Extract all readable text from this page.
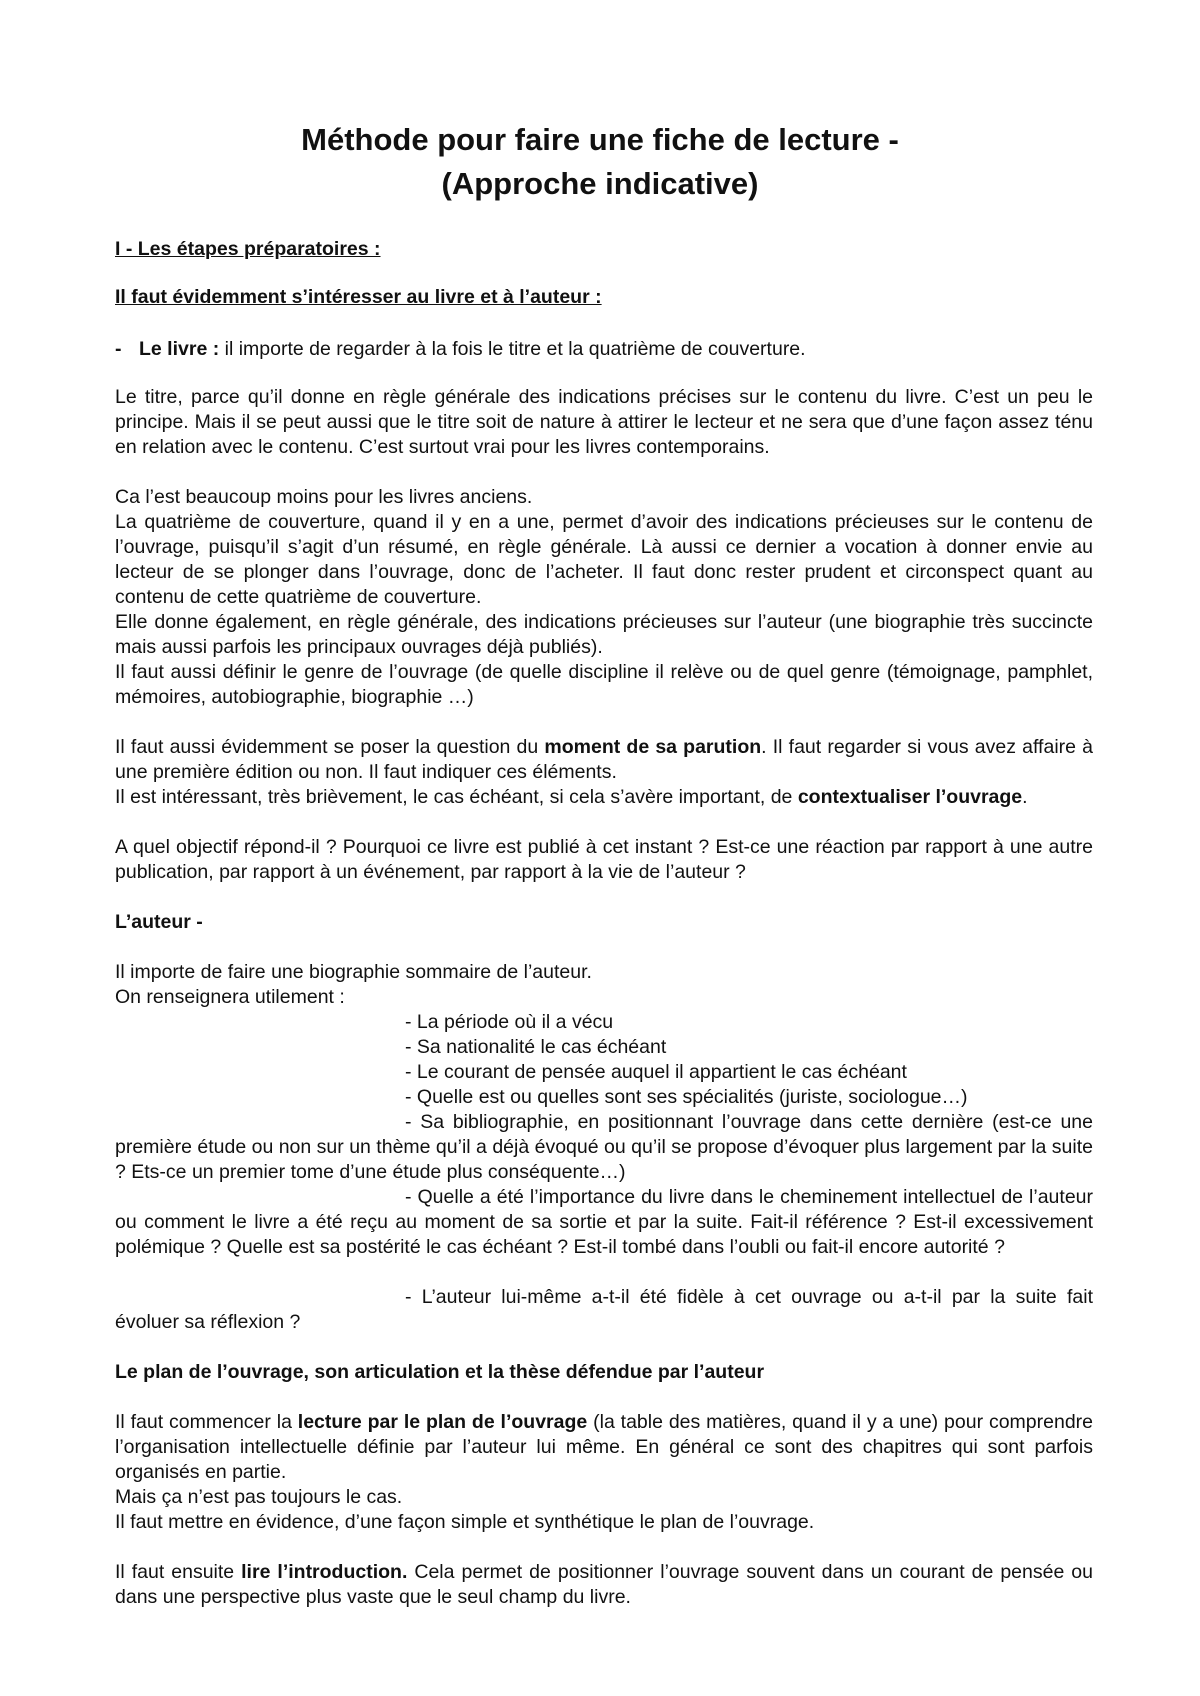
Méthode pour faire une fiche de lecture -
(Approche indicative)

I - Les étapes préparatoires :

Il faut évidemment s’intéresser au livre et à l’auteur :

- Le livre : il importe de regarder à la fois le titre et la quatrième de couverture.

Le titre, parce qu’il donne en règle générale des indications précises sur le contenu du livre. C’est un peu le principe. Mais il se peut aussi que le titre soit de nature à attirer le lecteur et ne sera que d’une façon assez ténu en relation avec le contenu. C’est surtout vrai pour les livres contemporains.

Ca l’est beaucoup moins pour les livres anciens.

La quatrième de couverture, quand il y en a une, permet d’avoir des indications précieuses sur le contenu de l’ouvrage, puisqu’il s’agit d’un résumé, en règle générale. Là aussi ce dernier a vocation à donner envie au lecteur de se plonger dans l’ouvrage, donc de l’acheter. Il faut donc rester prudent et circonspect quant au contenu de cette quatrième de couverture.

Elle donne également, en règle générale, des indications précieuses sur l’auteur (une biographie très succincte mais aussi parfois les principaux ouvrages déjà publiés).

Il faut aussi définir le genre de l’ouvrage (de quelle discipline il relève ou de quel genre (témoignage, pamphlet, mémoires, autobiographie, biographie …)

Il faut aussi évidemment se poser la question du moment de sa parution. Il faut regarder si vous avez affaire à une première édition ou non. Il faut indiquer ces éléments.

Il est intéressant, très brièvement, le cas échéant, si cela s’avère important, de contextualiser l’ouvrage.

A quel objectif répond-il ? Pourquoi ce livre est publié à cet instant ? Est-ce une réaction par rapport à une autre publication, par rapport à un événement, par rapport à la vie de l’auteur ?

L’auteur -

Il importe de faire une biographie sommaire de l’auteur.

On renseignera utilement :

- La période où il a vécu

- Sa nationalité le cas échéant

- Le courant de pensée auquel il appartient le cas échéant

- Quelle est ou quelles sont ses spécialités (juriste, sociologue…)

- Sa bibliographie, en positionnant l’ouvrage dans cette dernière (est-ce une première étude ou non sur un thème qu’il a déjà évoqué ou qu’il se propose d’évoquer plus largement par la suite ? Ets-ce un premier tome d’une étude plus conséquente…)

- Quelle a été l’importance du livre dans le cheminement intellectuel de l’auteur ou comment le livre a été reçu au moment de sa sortie et par la suite. Fait-il référence ? Est-il excessivement polémique ? Quelle est sa postérité le cas échéant ? Est-il tombé dans l’oubli ou fait-il encore autorité ?

- L’auteur lui-même a-t-il été fidèle à cet ouvrage ou a-t-il par la suite fait évoluer sa réflexion ?

Le plan de l’ouvrage, son articulation et la thèse défendue par l’auteur

Il faut commencer la lecture par le plan de l’ouvrage (la table des matières, quand il y a une) pour comprendre l’organisation intellectuelle définie par l’auteur lui même. En général ce sont des chapitres qui sont parfois organisés en partie.

Mais ça n’est pas toujours le cas.

Il faut mettre en évidence, d’une façon simple et synthétique le plan de l’ouvrage.

Il faut ensuite lire l’introduction. Cela permet de positionner l’ouvrage souvent dans un courant de pensée ou dans une perspective plus vaste que le seul champ du livre.
